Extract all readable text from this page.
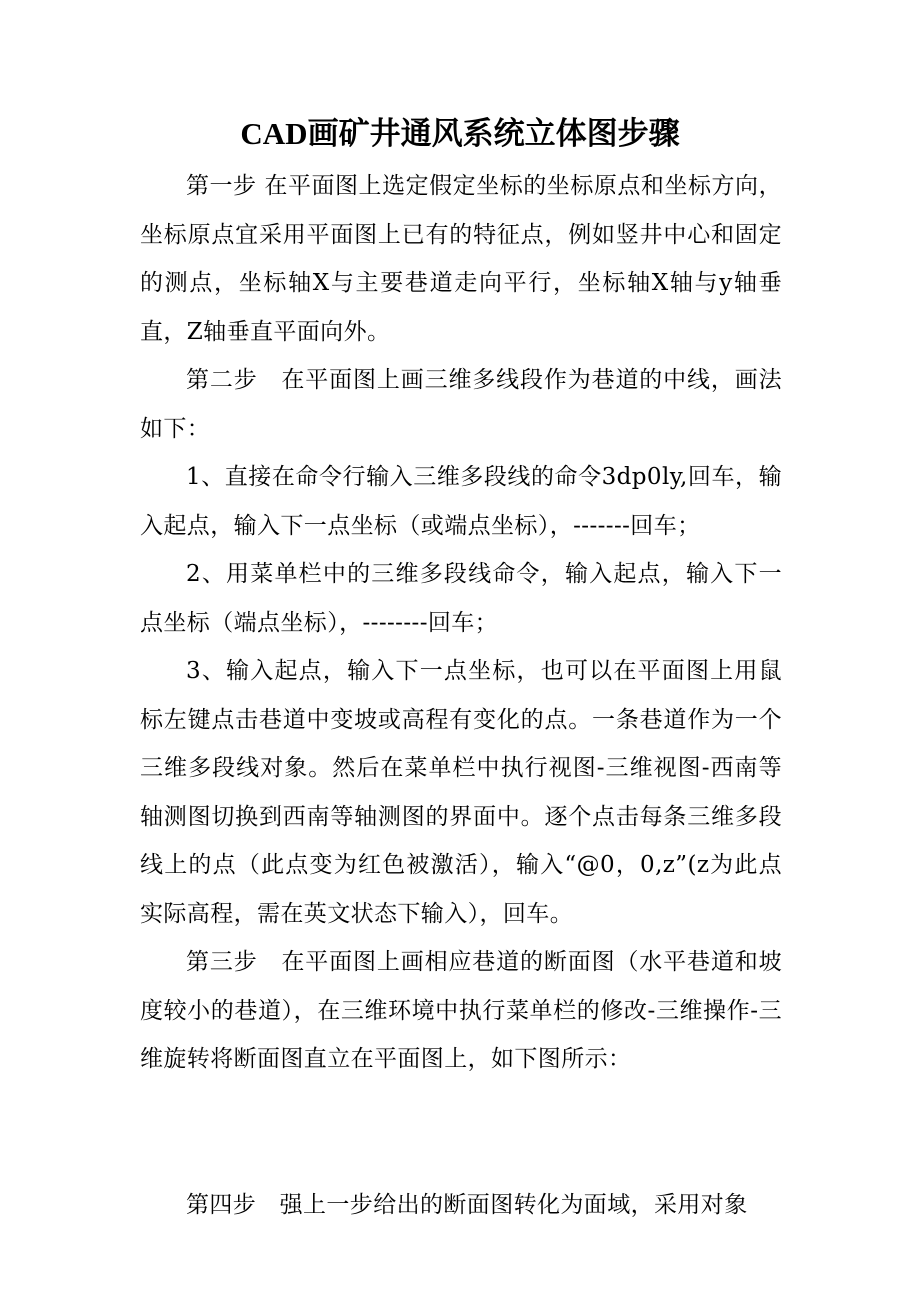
CAD画矿井通风系统立体图步骤

第一步 在平面图上选定假定坐标的坐标原点和坐标方向，坐标原点宜采用平面图上已有的特征点，例如竖井中心和固定的测点，坐标轴X与主要巷道走向平行，坐标轴X轴与y轴垂直，Z轴垂直平面向外。

第二步　在平面图上画三维多线段作为巷道的中线，画法如下：

1、直接在命令行输入三维多段线的命令3dp0ly,回车，输入起点，输入下一点坐标（或端点坐标），-------回车；

2、用菜单栏中的三维多段线命令，输入起点，输入下一点坐标（端点坐标），--------回车；

3、输入起点，输入下一点坐标，也可以在平面图上用鼠标左键点击巷道中变坡或高程有变化的点。一条巷道作为一个三维多段线对象。然后在菜单栏中执行视图-三维视图-西南等轴测图切换到西南等轴测图的界面中。逐个点击每条三维多段线上的点（此点变为红色被激活），输入“@0，0,z”(z为此点实际高程，需在英文状态下输入），回车。

第三步　在平面图上画相应巷道的断面图（水平巷道和坡度较小的巷道），在三维环境中执行菜单栏的修改-三维操作-三维旋转将断面图直立在平面图上，如下图所示：

第四步　强上一步给出的断面图转化为面域，采用对象
